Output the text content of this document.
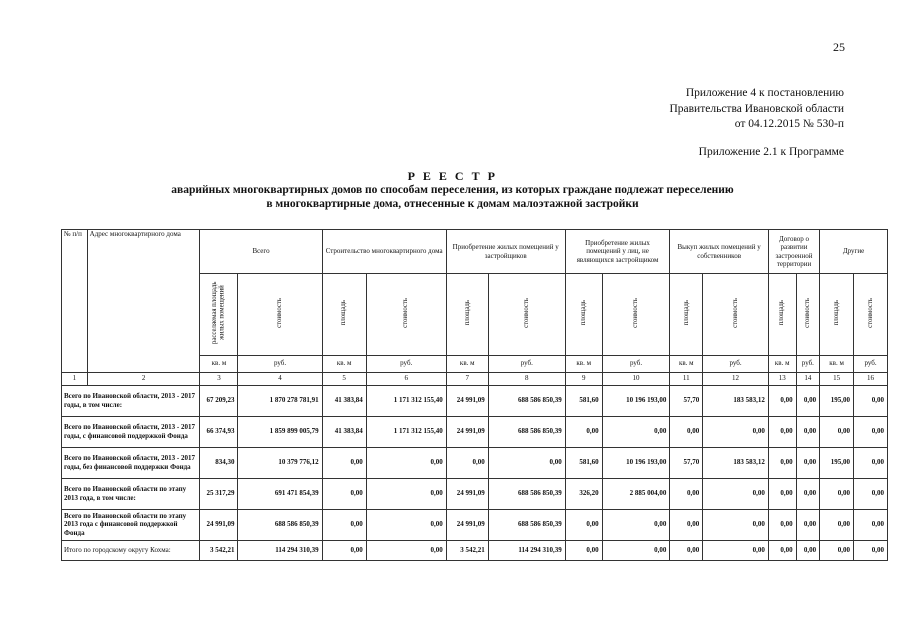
25
Приложение 4 к постановлению
Правительства Ивановской области
от 04.12.2015 № 530-п
Приложение 2.1 к Программе
Р Е Е С Т Р
аварийных многоквартирных домов по способам переселения, из которых граждане подлежат переселению
в многоквартирные дома, отнесенные к домам малоэтажной застройки
№ п/п	Адрес многоквартирного дома	Всего		Строительство многоквартирного дома		Приобретение жилых помещений у застройщиков		Приобретение жилых помещений у лиц, не являющихся застройщиком		Выкуп жилых помещений у собственников		Договор о развитии застроенной территории		Другие	
		расселяемая площадь жилых помещений	стоимость	площадь	стоимость	площадь	стоимость	площадь	стоимость	площадь	стоимость	площадь	стоимость	площадь	стоимость
		кв. м	руб.	кв. м	руб.	кв. м	руб.	кв. м	руб.	кв. м	руб.	кв. м	руб.	кв. м	руб.
1	2	3	4	5	6	7	8	9	10	11	12	13	14	15	16
Всего по Ивановской области, 2013 - 2017 годы, в том числе:		67 209,23	1 870 278 781,91	41 383,84	1 171 312 155,40	24 991,09	688 586 850,39	581,60	10 196 193,00	57,70	183 583,12	0,00	0,00	195,00	0,00
Всего по Ивановской области, 2013 - 2017 годы, с финансовой поддержкой Фонда		66 374,93	1 859 899 005,79	41 383,84	1 171 312 155,40	24 991,09	688 586 850,39	0,00	0,00	0,00	0,00	0,00	0,00	0,00	0,00
Всего по Ивановской области, 2013 - 2017 годы, без финансовой поддержки Фонда		834,30	10 379 776,12	0,00	0,00	0,00	0,00	581,60	10 196 193,00	57,70	183 583,12	0,00	0,00	195,00	0,00
Всего по Ивановской области по этапу 2013 года, в том числе:		25 317,29	691 471 854,39	0,00	0,00	24 991,09	688 586 850,39	326,20	2 885 004,00	0,00	0,00	0,00	0,00	0,00	0,00
Всего по Ивановской области по этапу 2013 года с финансовой поддержкой Фонда		24 991,09	688 586 850,39	0,00	0,00	24 991,09	688 586 850,39	0,00	0,00	0,00	0,00	0,00	0,00	0,00	0,00
Итого по городскому округу Кохма:		3 542,21	114 294 310,39	0,00	0,00	3 542,21	114 294 310,39	0,00	0,00	0,00	0,00	0,00	0,00	0,00	0,00
